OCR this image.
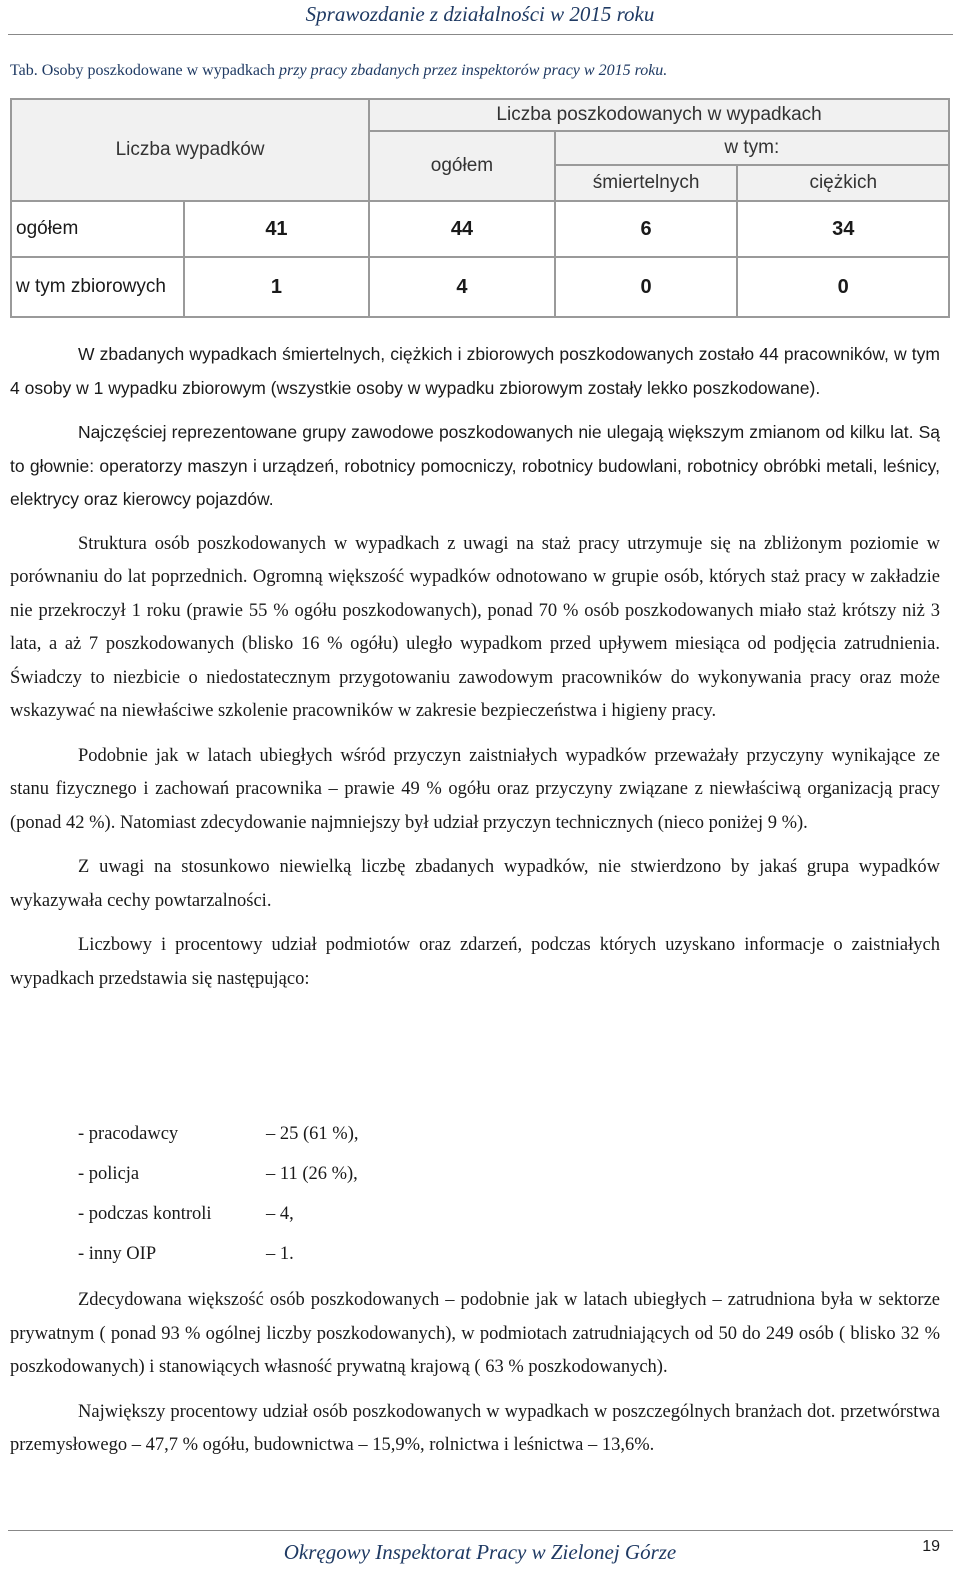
Sprawozdanie z działalności w 2015 roku
Tab. Osoby poszkodowane w wypadkach przy pracy zbadanych przez inspektorów pracy w 2015 roku.
Liczba wypadków		Liczba poszkodowanych w wypadkach		
		ogółem	w tym:	
			śmiertelnych	ciężkich
ogółem	41	44	6	34
w tym zbiorowych	1	4	0	0

W zbadanych wypadkach śmiertelnych, ciężkich i zbiorowych poszkodowanych zostało 44 pracowników, w tym 4 osoby w 1 wypadku zbiorowym (wszystkie osoby w wypadku zbiorowym zostały lekko poszkodowane).

Najczęściej reprezentowane grupy zawodowe poszkodowanych nie ulegają większym zmianom od kilku lat. Są to głownie: operatorzy maszyn i urządzeń, robotnicy pomocniczy, robotnicy budowlani, robotnicy obróbki metali, leśnicy, elektrycy oraz kierowcy pojazdów.

Struktura osób poszkodowanych w wypadkach z uwagi na staż pracy utrzymuje się na zbliżonym poziomie w porównaniu do lat poprzednich. Ogromną większość wypadków odnotowano w grupie osób, których staż pracy w zakładzie nie przekroczył 1 roku (prawie 55 % ogółu poszkodowanych), ponad 70 % osób poszkodowanych miało staż krótszy niż 3 lata, a aż 7 poszkodowanych (blisko 16 % ogółu) uległo wypadkom przed upływem miesiąca od podjęcia zatrudnienia. Świadczy to niezbicie o niedostatecznym przygotowaniu zawodowym pracowników do wykonywania pracy oraz może wskazywać na niewłaściwe szkolenie pracowników w zakresie bezpieczeństwa i higieny pracy.

Podobnie jak w latach ubiegłych wśród przyczyn zaistniałych wypadków przeważały przyczyny wynikające ze stanu fizycznego i zachowań pracownika – prawie 49 % ogółu oraz przyczyny związane z niewłaściwą organizacją pracy (ponad 42 %). Natomiast zdecydowanie najmniejszy był udział przyczyn technicznych (nieco poniżej 9 %).

Z uwagi na stosunkowo niewielką liczbę zbadanych wypadków, nie stwierdzono by jakaś grupa wypadków wykazywała cechy powtarzalności.

Liczbowy i procentowy udział podmiotów oraz zdarzeń, podczas których uzyskano informacje o zaistniałych wypadkach przedstawia się następująco:

- pracodawcy	– 25 (61 %),
- policja	– 11 (26 %),
- podczas kontroli	– 4,
- inny OIP	– 1.

Zdecydowana większość osób poszkodowanych – podobnie jak w latach ubiegłych – zatrudniona była w sektorze prywatnym ( ponad 93 % ogólnej liczby poszkodowanych), w podmiotach zatrudniających od 50 do 249 osób ( blisko 32 % poszkodowanych) i stanowiących własność prywatną krajową ( 63 % poszkodowanych).

Największy procentowy udział osób poszkodowanych w wypadkach w poszczególnych branżach dot. przetwórstwa przemysłowego – 47,7 % ogółu, budownictwa – 15,9%, rolnictwa i leśnictwa – 13,6%.

Okręgowy Inspektorat Pracy w Zielonej Górze	19
